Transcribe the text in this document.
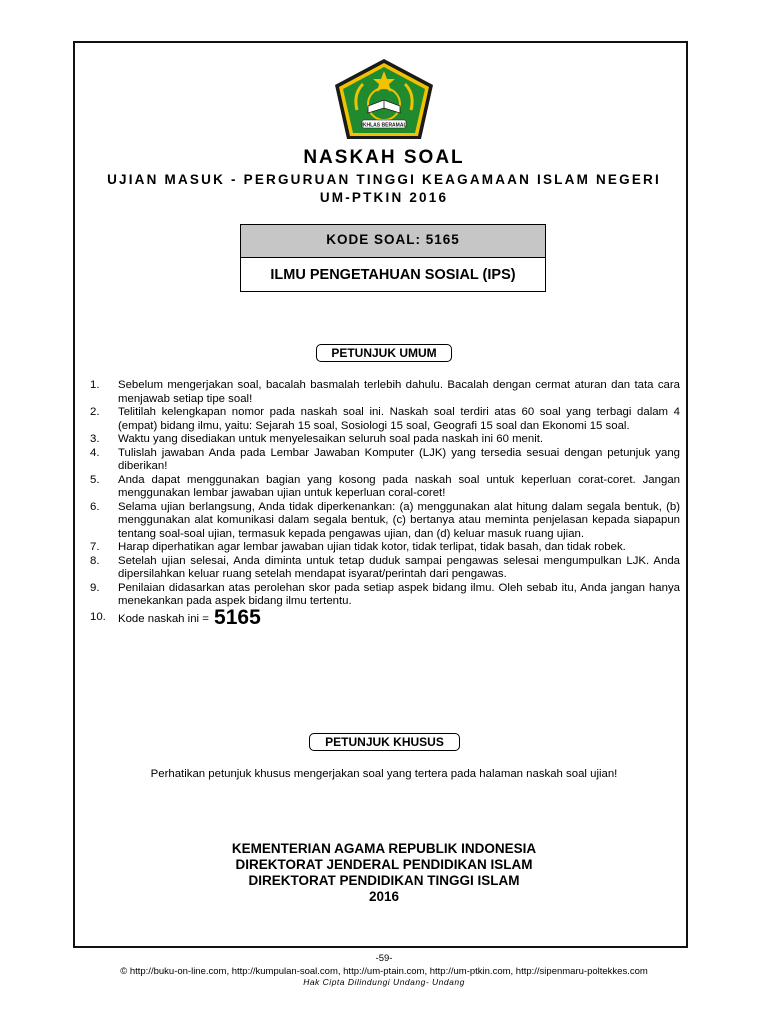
IKHLAS BERAMAL
NASKAH SOAL
UJIAN MASUK - PERGURUAN TINGGI KEAGAMAAN ISLAM NEGERI
UM-PTKIN 2016
KODE SOAL: 5165
ILMU PENGETAHUAN SOSIAL (IPS)
PETUNJUK UMUM
1. Sebelum mengerjakan soal, bacalah basmalah terlebih dahulu. Bacalah dengan cermat aturan dan tata cara menjawab setiap tipe soal!
2. Telitilah kelengkapan nomor pada naskah soal ini. Naskah soal terdiri atas 60 soal yang terbagi dalam 4 (empat) bidang ilmu, yaitu: Sejarah 15 soal, Sosiologi 15 soal, Geografi 15 soal dan Ekonomi 15 soal.
3. Waktu yang disediakan untuk menyelesaikan seluruh soal pada naskah ini 60 menit.
4. Tulislah jawaban Anda pada Lembar Jawaban Komputer (LJK) yang tersedia sesuai dengan petunjuk yang diberikan!
5. Anda dapat menggunakan bagian yang kosong pada naskah soal untuk keperluan corat-coret. Jangan menggunakan lembar jawaban ujian untuk keperluan coral-coret!
6. Selama ujian berlangsung, Anda tidak diperkenankan: (a) menggunakan alat hitung dalam segala bentuk, (b) menggunakan alat komunikasi dalam segala bentuk, (c) bertanya atau meminta penjelasan kepada siapapun tentang soal-soal ujian, termasuk kepada pengawas ujian, dan (d) keluar masuk ruang ujian.
7. Harap diperhatikan agar lembar jawaban ujian tidak kotor, tidak terlipat, tidak basah, dan tidak robek.
8. Setelah ujian selesai, Anda diminta untuk tetap duduk sampai pengawas selesai mengumpulkan LJK. Anda dipersilahkan keluar ruang setelah mendapat isyarat/perintah dari pengawas.
9. Penilaian didasarkan atas perolehan skor pada setiap aspek bidang ilmu. Oleh sebab itu, Anda jangan hanya menekankan pada aspek bidang ilmu tertentu.
10. Kode naskah ini = 5165
PETUNJUK KHUSUS
Perhatikan petunjuk khusus mengerjakan soal yang tertera pada halaman naskah soal ujian!
KEMENTERIAN AGAMA REPUBLIK INDONESIA
DIREKTORAT JENDERAL PENDIDIKAN ISLAM
DIREKTORAT PENDIDIKAN TINGGI ISLAM
2016
-59-
© http://buku-on-line.com, http://kumpulan-soal.com, http://um-ptain.com, http://um-ptkin.com, http://sipenmaru-poltekkes.com
Hak Cipta Dilindungi Undang- Undang
